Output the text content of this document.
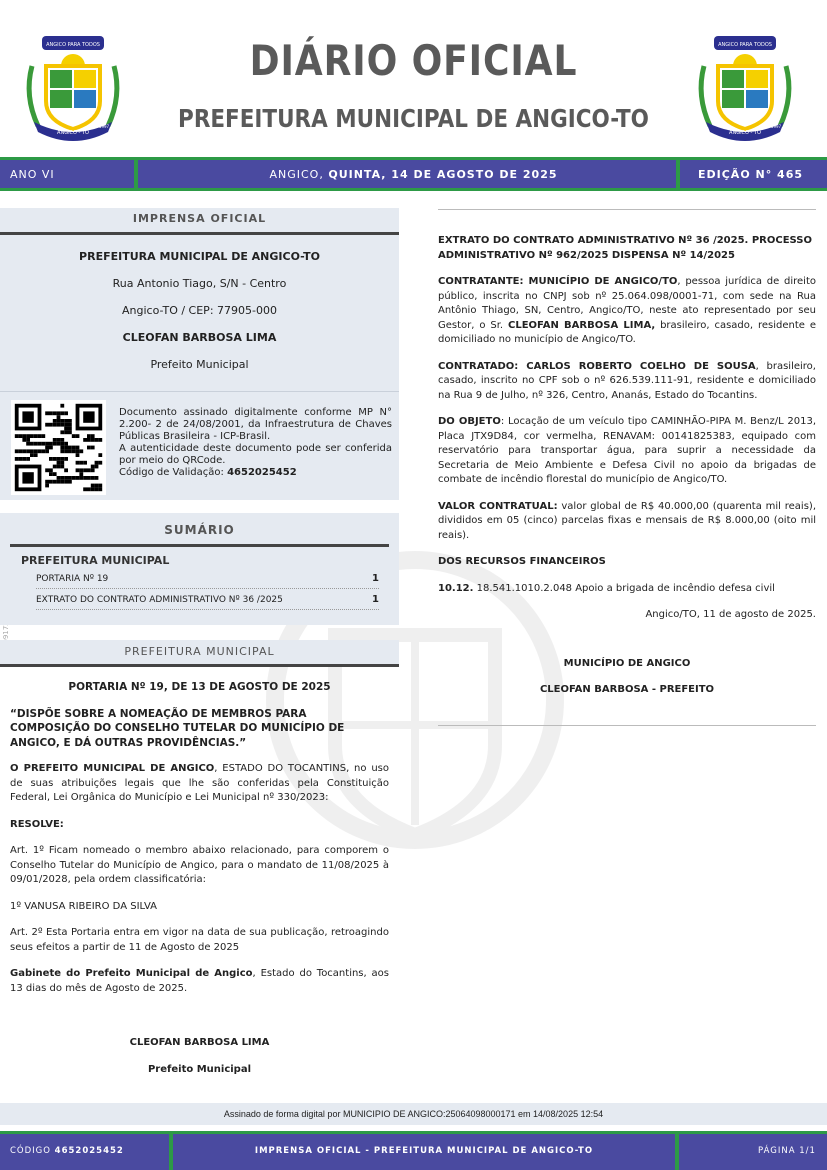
ANGICO PARA TODOS
ANGICO - TO
1997
ANGICO PARA TODOS
ANGICO - TO
1997
DIÁRIO OFICIAL
PREFEITURA MUNICIPAL DE ANGICO-TO
ANO VI	ANGICO, QUINTA, 14 DE AGOSTO DE 2025	EDIÇÃO N° 465
IMPRENSA OFICIAL

PREFEITURA MUNICIPAL DE ANGICO-TO

Rua Antonio Tiago, S/N - Centro

Angico-TO / CEP: 77905-000

CLEOFAN BARBOSA LIMA

Prefeito Municipal

Documento assinado digitalmente conforme MP N° 2.200- 2 de 24/08/2001, da Infraestrutura de Chaves Públicas Brasileira - ICP-Brasil.

A autenticidade deste documento pode ser conferida por meio do QRCode.

Código de Validação: 4652025452

SUMÁRIO
PREFEITURA MUNICIPAL
PORTARIA Nº 19	1
EXTRATO DO CONTRATO ADMINISTRATIVO Nº 36 /2025	1
PREFEITURA MUNICIPAL

PORTARIA Nº 19, DE 13 DE AGOSTO DE 2025

“DISPÕE SOBRE A NOMEAÇÃO DE MEMBROS PARA COMPOSIÇÃO DO CONSELHO TUTELAR DO MUNICÍPIO DE ANGICO, E DÁ OUTRAS PROVIDÊNCIAS.”

O PREFEITO MUNICIPAL DE ANGICO, ESTADO DO TOCANTINS, no uso de suas atribuições legais que lhe são conferidas pela Constituição Federal, Lei Orgânica do Município e Lei Municipal nº 330/2023:

RESOLVE:

Art. 1º Ficam nomeado o membro abaixo relacionado, para comporem o Conselho Tutelar do Município de Angico, para o mandato de 11/08/2025 à 09/01/2028, pela ordem classificatória:

1º VANUSA RIBEIRO DA SILVA

Art. 2º Esta Portaria entra em vigor na data de sua publicação, retroagindo seus efeitos a partir de 11 de Agosto de 2025

Gabinete do Prefeito Municipal de Angico, Estado do Tocantins, aos 13 dias do mês de Agosto de 2025.

CLEOFAN BARBOSA LIMA

Prefeito Municipal

EXTRATO DO CONTRATO ADMINISTRATIVO Nº 36 /2025. PROCESSO ADMINISTRATIVO Nº 962/2025 DISPENSA Nº 14/2025

CONTRATANTE: MUNICÍPIO DE ANGICO/TO, pessoa jurídica de direito público, inscrita no CNPJ sob nº 25.064.098/0001-71, com sede na Rua Antônio Thiago, SN, Centro, Angico/TO, neste ato representado por seu Gestor, o Sr. CLEOFAN BARBOSA LIMA, brasileiro, casado, residente e domiciliado no município de Angico/TO.

CONTRATADO: CARLOS ROBERTO COELHO DE SOUSA, brasileiro, casado, inscrito no CPF sob o nº 626.539.111-91, residente e domiciliado na Rua 9 de Julho, nº 326, Centro, Ananás, Estado do Tocantins.

DO OBJETO: Locação de um veículo tipo CAMINHÃO-PIPA M. Benz/L 2013, Placa JTX9D84, cor vermelha, RENAVAM: 00141825383, equipado com reservatório para transportar água, para suprir a necessidade da Secretaria de Meio Ambiente e Defesa Civil no apoio da brigadas de combate de incêndio florestal do município de Angico/TO.

VALOR CONTRATUAL: valor global de R$ 40.000,00 (quarenta mil reais), divididos em 05 (cinco) parcelas fixas e mensais de R$ 8.000,00 (oito mil reais).

DOS RECURSOS FINANCEIROS

10.12. 18.541.1010.2.048 Apoio a brigada de incêndio defesa civil

Angico/TO, 11 de agosto de 2025.

MUNICÍPIO DE ANGICO

CLEOFAN BARBOSA - PREFEITO

Assinado de forma digital por MUNICIPIO DE ANGICO:25064098000171 em 14/08/2025 12:54
CÓDIGO 4652025452	IMPRENSA OFICIAL - PREFEITURA MUNICIPAL DE ANGICO-TO	PÁGINA 1/1
